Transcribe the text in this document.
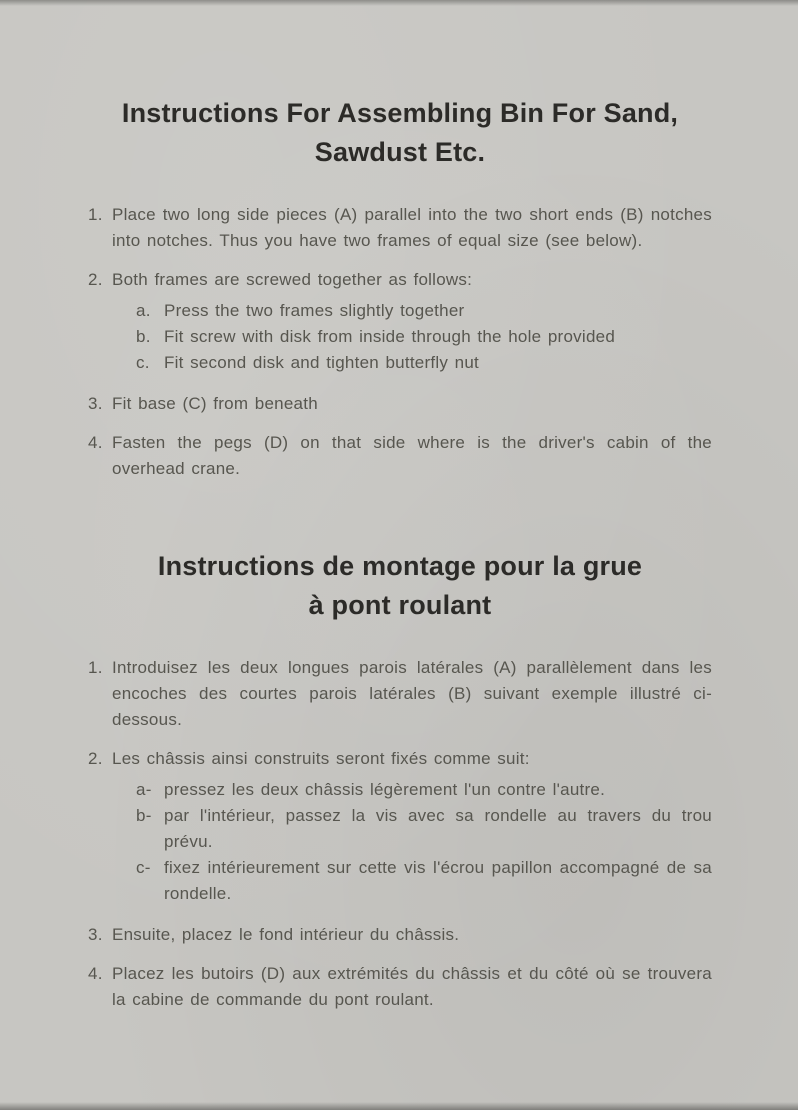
Instructions For Assembling Bin For Sand,
Sawdust Etc.
1. Place two long side pieces (A) parallel into the two short ends (B) notches into notches. Thus you have two frames of equal size (see below).
2. Both frames are screwed together as follows:
a. Press the two frames slightly together
b. Fit screw with disk from inside through the hole provided
c. Fit second disk and tighten butterfly nut
3. Fit base (C) from beneath
4. Fasten the pegs (D) on that side where is the driver's cabin of the overhead crane.
Instructions de montage pour la grue
à pont roulant
1. Introduisez les deux longues parois latérales (A) parallèlement dans les encoches des courtes parois latérales (B) suivant exemple illustré ci-dessous.
2. Les châssis ainsi construits seront fixés comme suit:
a- pressez les deux châssis légèrement l'un contre l'autre.
b- par l'intérieur, passez la vis avec sa rondelle au travers du trou prévu.
c- fixez intérieurement sur cette vis l'écrou papillon accompagné de sa rondelle.
3. Ensuite, placez le fond intérieur du châssis.
4. Placez les butoirs (D) aux extrémités du châssis et du côté où se trouvera la cabine de commande du pont roulant.
